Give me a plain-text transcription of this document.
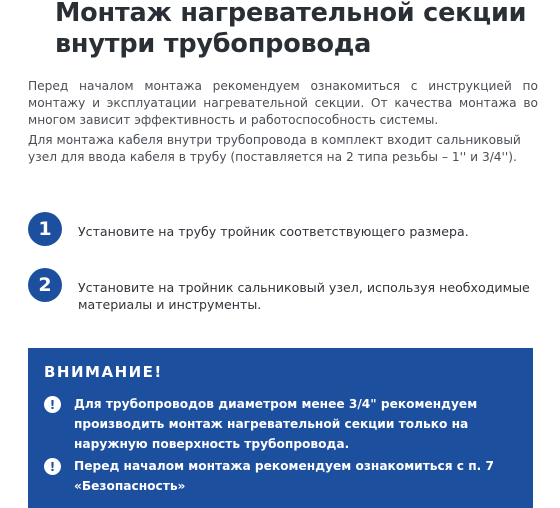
Монтаж нагревательной секции
внутри трубопровода

Перед началом монтажа рекомендуем ознакомиться с инструкцией по монтажу и эксплуатации нагревательной секции. От качества монтажа во многом зависит эффективность и работоспособность системы.

Для монтажа кабеля внутри трубопровода в комплект входит сальниковый узел для ввода кабеля в трубу (поставляется на 2 типа резьбы – 1'' и 3/4'').

1	Установите на трубу тройник соответствующего размера.
2	Установите на тройник сальниковый узел, используя необходимые материалы и инструменты.
ВНИМАНИЕ!
!	Для трубопроводов диаметром менее 3/4" рекомендуем производить монтаж нагревательной секции только на наружную поверхность трубопровода.
!	Перед началом монтажа рекомендуем ознакомиться с п. 7 «Безопасность»
